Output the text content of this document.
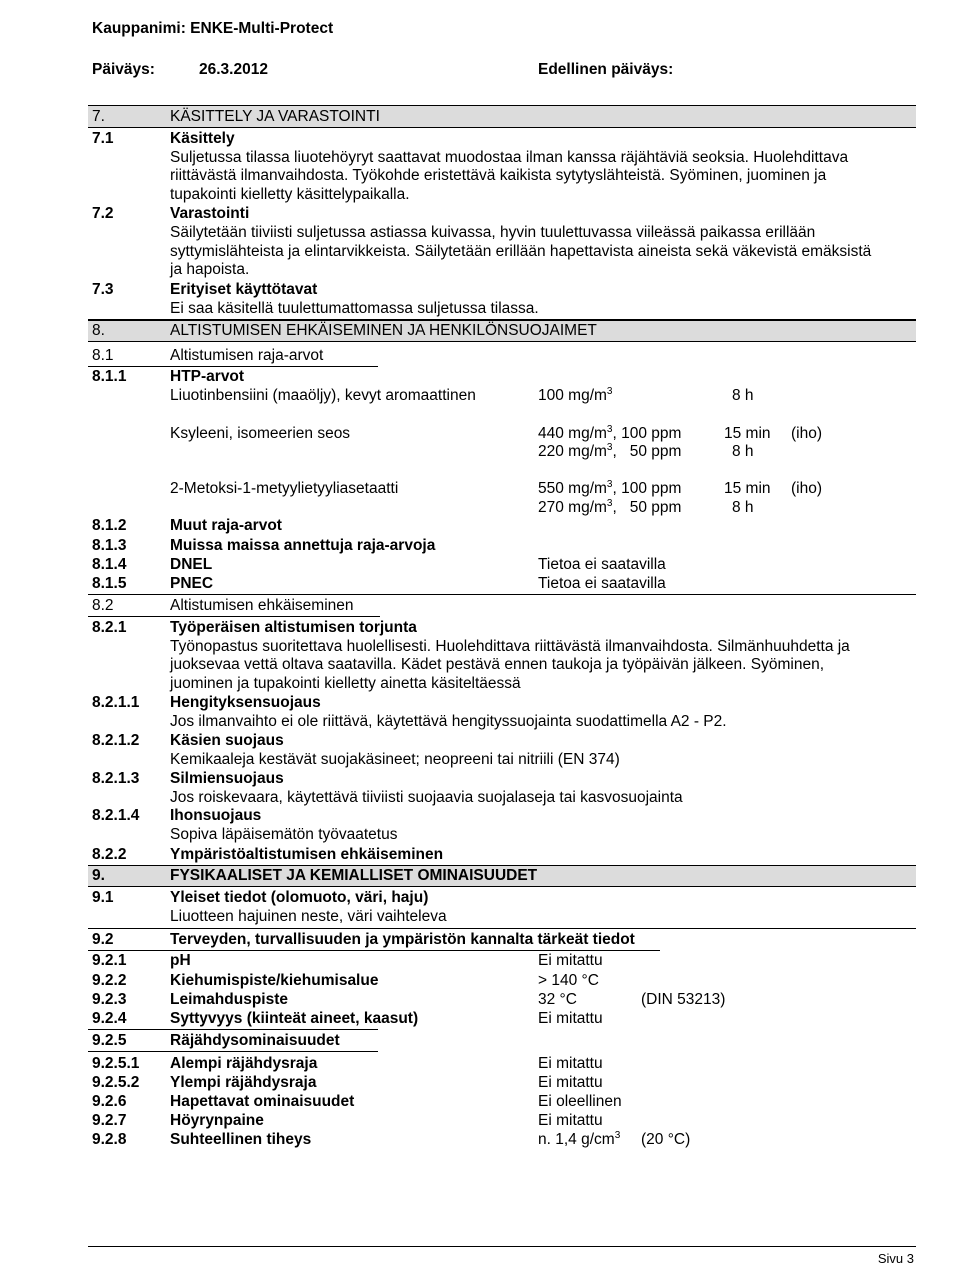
Kauppanimi: ENKE-Multi-Protect
Päiväys:	26.3.2012	Edellinen päiväys:
7.	KÄSITTELY JA VARASTOINTI
7.1	Käsittely
Suljetussa tilassa liuotehöyryt saattavat muodostaa ilman kanssa räjähtäviä seoksia. Huolehdittava
riittävästä ilmanvaihdosta. Työkohde eristettävä kaikista sytytyslähteistä. Syöminen, juominen ja
tupakointi kielletty käsittelypaikalla.
7.2	Varastointi
Säilytetään tiiviisti suljetussa astiassa kuivassa, hyvin tuulettuvassa viileässä paikassa erillään
syttymislähteista ja elintarvikkeista. Säilytetään erillään hapettavista aineista sekä väkevistä emäksistä
ja hapoista.
7.3	Erityiset käyttötavat
Ei saa käsitellä tuulettumattomassa suljetussa tilassa.
8.	ALTISTUMISEN EHKÄISEMINEN JA HENKILÖNSUOJAIMET
8.1	Altistumisen raja-arvot
8.1.1	HTP-arvot
Liuotinbensiini (maaöljy), kevyt aromaattinen	100 $mg/m^3$	8 h
Ksyleeni, isomeerien seos	440 $mg/m^3$, 100 ppm	15 min (iho)
220 $mg/m^3$,   50 ppm	8 h
2-Metoksi-1-metyylietyyliasetaatti	550 $mg/m^3$, 100 ppm	15 min (iho)
270 $mg/m^3$,   50 ppm	8 h
8.1.2	Muut raja-arvot
8.1.3	Muissa maissa annettuja raja-arvoja
8.1.4	DNEL	Tietoa ei saatavilla
8.1.5	PNEC	Tietoa ei saatavilla
8.2	Altistumisen ehkäiseminen
8.2.1	Työperäisen altistumisen torjunta
Työnopastus suoritettava huolellisesti. Huolehdittava riittävästä ilmanvaihdosta. Silmänhuuhdetta ja
juoksevaa vettä oltava saatavilla. Kädet pestävä ennen taukoja ja työpäivän jälkeen. Syöminen,
juominen ja tupakointi kielletty ainetta käsiteltäessä
8.2.1.1 Hengityksensuojaus
Jos ilmanvaihto ei ole riittävä, käytettävä hengityssuojainta suodattimella A2 - P2.
8.2.1.2 Käsien suojaus
Kemikaaleja kestävät suojakäsineet; neopreeni tai nitriili (EN 374)
8.2.1.3 Silmiensuojaus
Jos roiskevaara, käytettävä tiiviisti suojaavia suojalaseja tai kasvosuojainta
8.2.1.4 Ihonsuojaus
Sopiva läpäisemätön työvaatetus
8.2.2	Ympäristöaltistumisen ehkäiseminen
9.	FYSIKAALISET JA KEMIALLISET OMINAISUUDET
9.1	Yleiset tiedot (olomuoto, väri, haju)
Liuotteen hajuinen neste, väri vaihteleva
9.2	Terveyden, turvallisuuden ja ympäristön kannalta tärkeät tiedot
9.2.1	pH	Ei mitattu
9.2.2	Kiehumispiste/kiehumisalue	> 140 °C
9.2.3	Leimahduspiste	32 °C	(DIN 53213)
9.2.4	Syttyvyys (kiinteät aineet, kaasut)	Ei mitattu
9.2.5	Räjähdysominaisuudet
9.2.5.1 Alempi räjähdysraja	Ei mitattu
9.2.5.2 Ylempi räjähdysraja	Ei mitattu
9.2.6	Hapettavat ominaisuudet	Ei oleellinen
9.2.7	Höyrynpaine	Ei mitattu
9.2.8	Suhteellinen tiheys	n. 1,4 $g/cm^3$ (20 °C)
Sivu 3
